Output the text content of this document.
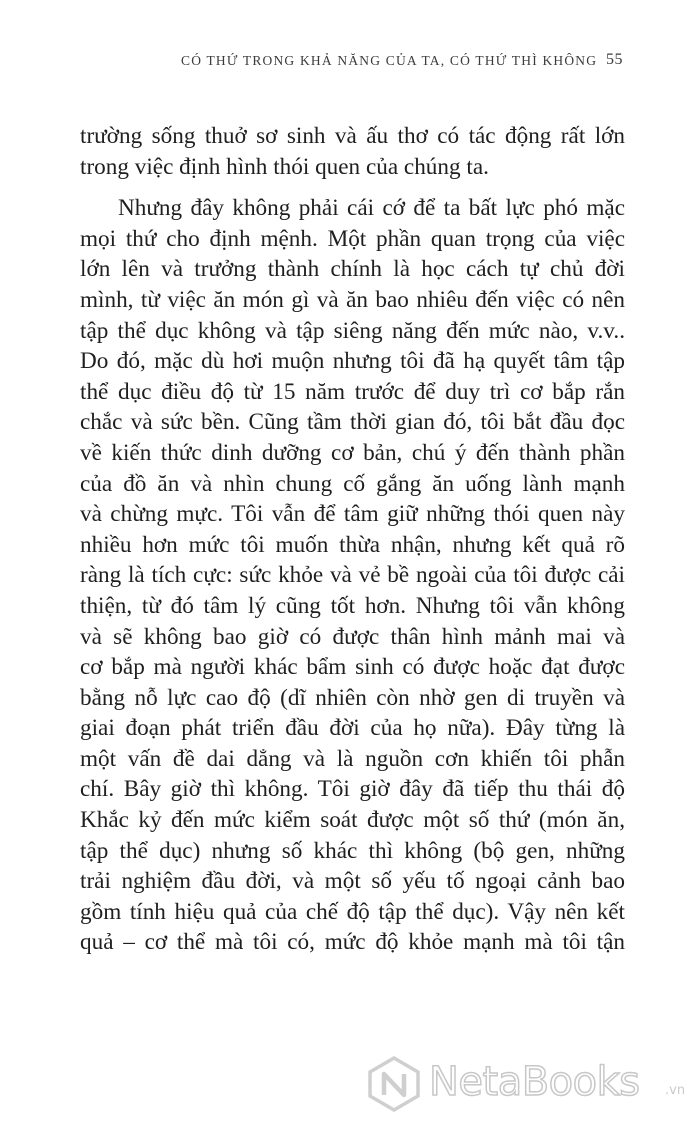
CÓ THỨ TRONG KHẢ NĂNG CỦA TA, CÓ THỨ THÌ KHÔNG 55

trường sống thuở sơ sinh và ấu thơ có tác động rất lớn

trong việc định hình thói quen của chúng ta.

Nhưng đây không phải cái cớ để ta bất lực phó mặc

mọi thứ cho định mệnh. Một phần quan trọng của việc

lớn lên và trưởng thành chính là học cách tự chủ đời

mình, từ việc ăn món gì và ăn bao nhiêu đến việc có nên

tập thể dục không và tập siêng năng đến mức nào, v.v..

Do đó, mặc dù hơi muộn nhưng tôi đã hạ quyết tâm tập

thể dục điều độ từ 15 năm trước để duy trì cơ bắp rắn

chắc và sức bền. Cũng tầm thời gian đó, tôi bắt đầu đọc

về kiến thức dinh dưỡng cơ bản, chú ý đến thành phần

của đồ ăn và nhìn chung cố gắng ăn uống lành mạnh

và chừng mực. Tôi vẫn để tâm giữ những thói quen này

nhiều hơn mức tôi muốn thừa nhận, nhưng kết quả rõ

ràng là tích cực: sức khỏe và vẻ bề ngoài của tôi được cải

thiện, từ đó tâm lý cũng tốt hơn. Nhưng tôi vẫn không

và sẽ không bao giờ có được thân hình mảnh mai và

cơ bắp mà người khác bẩm sinh có được hoặc đạt được

bằng nỗ lực cao độ (dĩ nhiên còn nhờ gen di truyền và

giai đoạn phát triển đầu đời của họ nữa). Đây từng là

một vấn đề dai dẳng và là nguồn cơn khiến tôi phẫn

chí. Bây giờ thì không. Tôi giờ đây đã tiếp thu thái độ

Khắc kỷ đến mức kiểm soát được một số thứ (món ăn,

tập thể dục) nhưng số khác thì không (bộ gen, những

trải nghiệm đầu đời, và một số yếu tố ngoại cảnh bao

gồm tính hiệu quả của chế độ tập thể dục). Vậy nên kết

quả – cơ thể mà tôi có, mức độ khỏe mạnh mà tôi tận

NetaBooks .vn
